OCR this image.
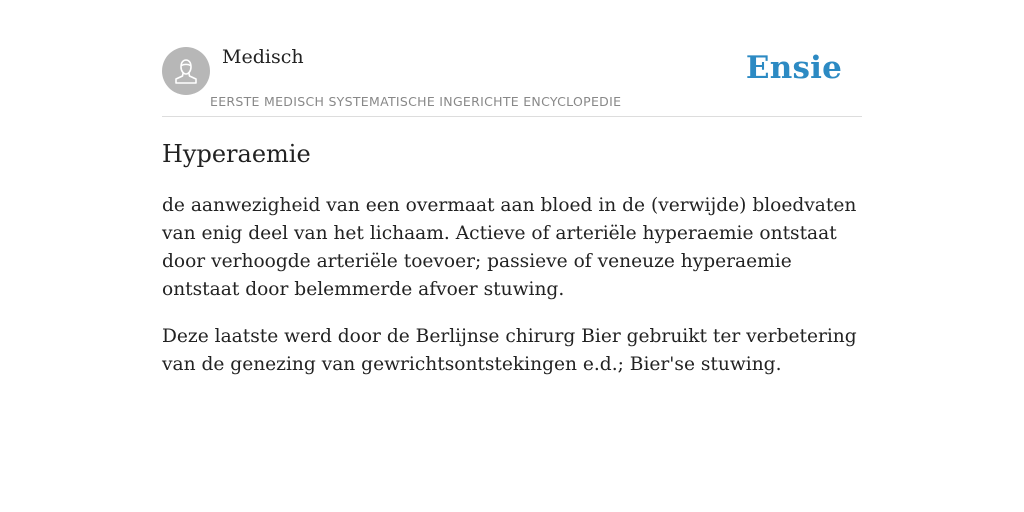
Medisch
EERSTE MEDISCH SYSTEMATISCHE INGERICHTE ENCYCLOPEDIE
Ensie
Hyperaemie

de aanwezigheid van een overmaat aan bloed in de (verwijde) bloedvaten van enig deel van het lichaam. Actieve of arteriële hyperaemie ontstaat door verhoogde arteriële toevoer; passieve of veneuze hyperaemie ontstaat door belemmerde afvoer stuwing.

Deze laatste werd door de Berlijnse chirurg Bier gebruikt ter verbetering van de genezing van gewrichtsontstekingen e.d.; Bier'se stuwing.
